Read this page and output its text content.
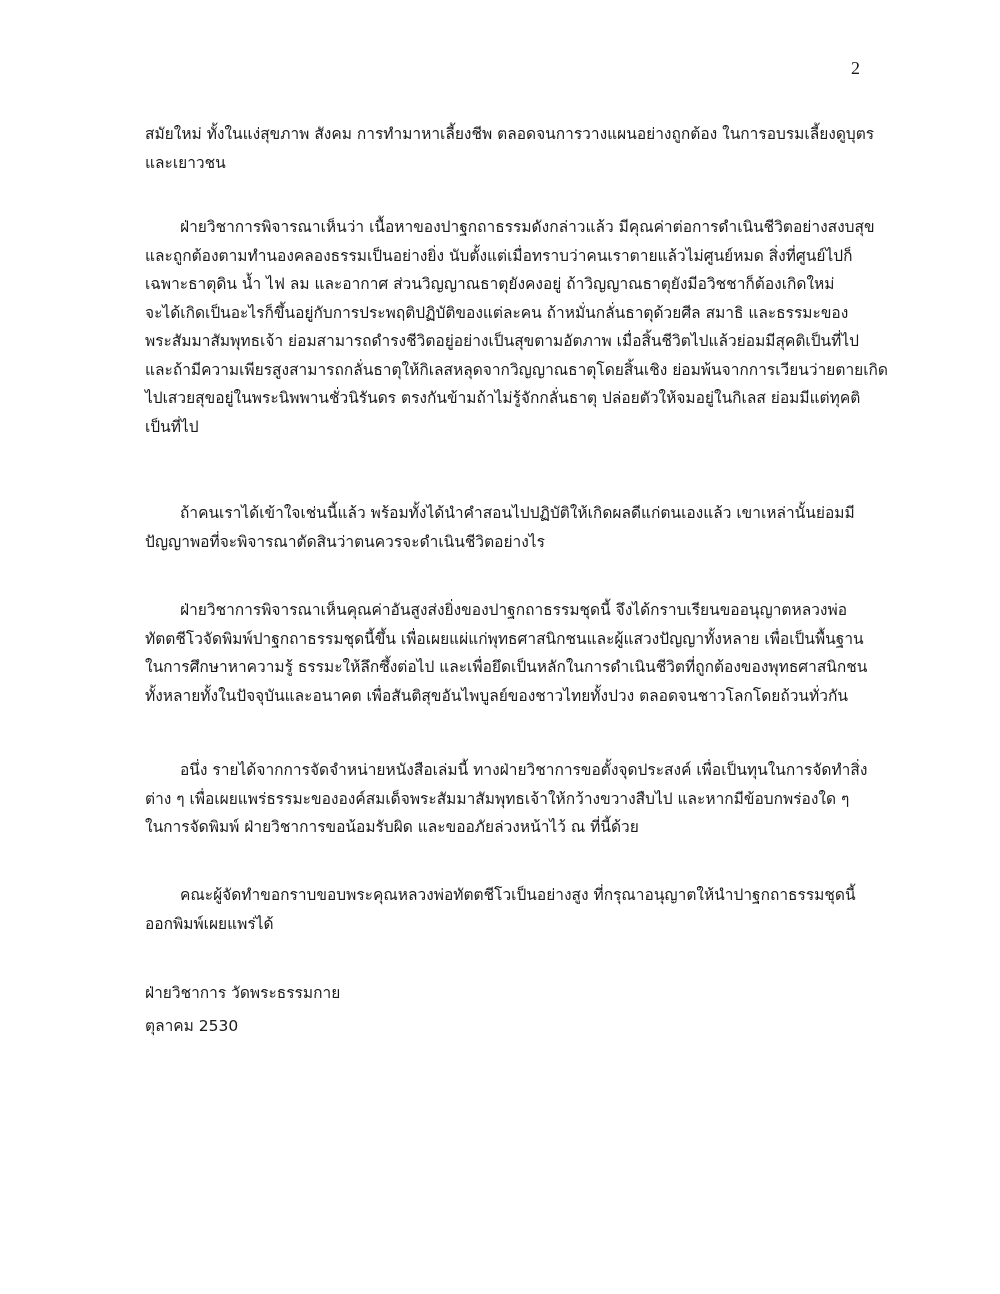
2
สมัยใหม่ ทั้งในแง่สุขภาพ สังคม การทำมาหาเลี้ยงชีพ ตลอดจนการวางแผนอย่างถูกต้อง ในการอบรมเลี้ยงดูบุตร
และเยาวชน
ฝ่ายวิชาการพิจารณาเห็นว่า เนื้อหาของปาฐกถาธรรมดังกล่าวแล้ว มีคุณค่าต่อการดำเนินชีวิตอย่างสงบสุข
และถูกต้องตามทำนองคลองธรรมเป็นอย่างยิ่ง นับตั้งแต่เมื่อทราบว่าคนเราตายแล้วไม่ศูนย์หมด สิ่งที่ศูนย์ไปก็
เฉพาะธาตุดิน น้ำ ไฟ ลม และอากาศ ส่วนวิญญาณธาตุยังคงอยู่ ถ้าวิญญาณธาตุยังมีอวิชชาก็ต้องเกิดใหม่
จะได้เกิดเป็นอะไรก็ขึ้นอยู่กับการประพฤติปฏิบัติของแต่ละคน ถ้าหมั่นกลั่นธาตุด้วยศีล สมาธิ และธรรมะของ
พระสัมมาสัมพุทธเจ้า ย่อมสามารถดำรงชีวิตอยู่อย่างเป็นสุขตามอัตภาพ เมื่อสิ้นชีวิตไปแล้วย่อมมีสุคติเป็นที่ไป
และถ้ามีความเพียรสูงสามารถกลั่นธาตุให้กิเลสหลุดจากวิญญาณธาตุโดยสิ้นเชิง ย่อมพ้นจากการเวียนว่ายตายเกิด
ไปเสวยสุขอยู่ในพระนิพพานชั่วนิรันดร ตรงกันข้ามถ้าไม่รู้จักกลั่นธาตุ ปล่อยตัวให้จมอยู่ในกิเลส ย่อมมีแต่ทุคติ
เป็นที่ไป
ถ้าคนเราได้เข้าใจเช่นนี้แล้ว พร้อมทั้งได้นำคำสอนไปปฏิบัติให้เกิดผลดีแก่ตนเองแล้ว เขาเหล่านั้นย่อมมี
ปัญญาพอที่จะพิจารณาตัดสินว่าตนควรจะดำเนินชีวิตอย่างไร
ฝ่ายวิชาการพิจารณาเห็นคุณค่าอันสูงส่งยิ่งของปาฐกถาธรรมชุดนี้ จึงได้กราบเรียนขออนุญาตหลวงพ่อ
ทัตตชีโวจัดพิมพ์ปาฐกถาธรรมชุดนี้ขึ้น เพื่อเผยแผ่แก่พุทธศาสนิกชนและผู้แสวงปัญญาทั้งหลาย เพื่อเป็นพื้นฐาน
ในการศึกษาหาความรู้ ธรรมะให้ลึกซึ้งต่อไป และเพื่อยึดเป็นหลักในการดำเนินชีวิตที่ถูกต้องของพุทธศาสนิกชน
ทั้งหลายทั้งในปัจจุบันและอนาคต เพื่อสันติสุขอันไพบูลย์ของชาวไทยทั้งปวง ตลอดจนชาวโลกโดยถ้วนทั่วกัน
อนึ่ง รายได้จากการจัดจำหน่ายหนังสือเล่มนี้ ทางฝ่ายวิชาการขอตั้งจุดประสงค์ เพื่อเป็นทุนในการจัดทำสิ่ง
ต่าง ๆ เพื่อเผยแพร่ธรรมะขององค์สมเด็จพระสัมมาสัมพุทธเจ้าให้กว้างขวางสืบไป และหากมีข้อบกพร่องใด ๆ
ในการจัดพิมพ์ ฝ่ายวิชาการขอน้อมรับผิด และขออภัยล่วงหน้าไว้ ณ ที่นี้ด้วย
คณะผู้จัดทำขอกราบขอบพระคุณหลวงพ่อทัตตชีโวเป็นอย่างสูง ที่กรุณาอนุญาตให้นำปาฐกถาธรรมชุดนี้
ออกพิมพ์เผยแพร่ได้
ฝ่ายวิชาการ วัดพระธรรมกาย
ตุลาคม 2530
